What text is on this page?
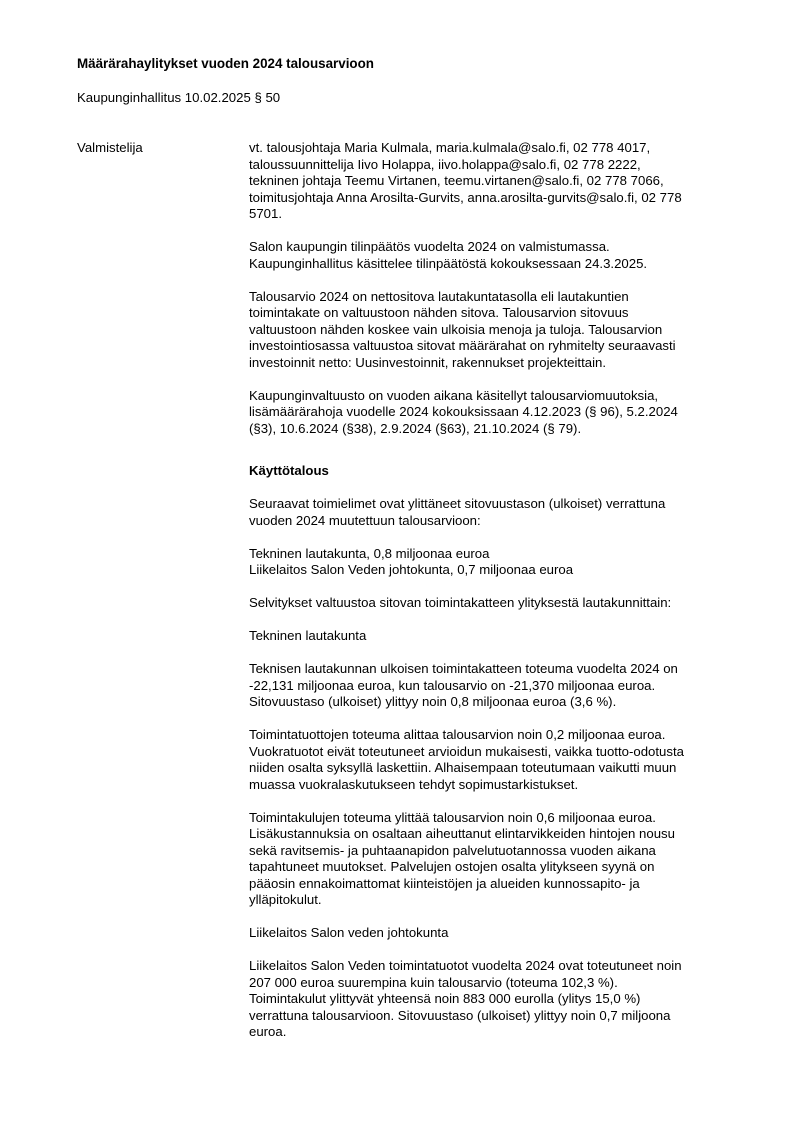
Määrärahaylitykset vuoden 2024 talousarvioon
Kaupunginhallitus 10.02.2025 § 50
Valmistelija	vt. talousjohtaja Maria Kulmala, maria.kulmala@salo.fi, 02 778 4017,
taloussuunnittelija Iivo Holappa, iivo.holappa@salo.fi, 02 778 2222,
tekninen johtaja Teemu Virtanen, teemu.virtanen@salo.fi, 02 778 7066,
toimitusjohtaja Anna Arosilta-Gurvits, anna.arosilta-gurvits@salo.fi, 02 778
5701.

Salon kaupungin tilinpäätös vuodelta 2024 on valmistumassa.
Kaupunginhallitus käsittelee tilinpäätöstä kokouksessaan 24.3.2025.

Talousarvio 2024 on nettositova lautakuntatasolla eli lautakuntien
toimintakate on valtuustoon nähden sitova. Talousarvion sitovuus
valtuustoon nähden koskee vain ulkoisia menoja ja tuloja. Talousarvion
investointiosassa valtuustoa sitovat määrärahat on ryhmitelty seuraavasti
investoinnit netto: Uusinvestoinnit, rakennukset projekteittain.

Kaupunginvaltuusto on vuoden aikana käsitellyt talousarviomuutoksia,
lisämäärärahoja vuodelle 2024 kokouksissaan 4.12.2023 (§ 96), 5.2.2024
(§3), 10.6.2024 (§38), 2.9.2024 (§63), 21.10.2024 (§ 79).

Käyttötalous

Seuraavat toimielimet ovat ylittäneet sitovuustason (ulkoiset) verrattuna
vuoden 2024 muutettuun talousarvioon:

Tekninen lautakunta, 0,8 miljoonaa euroa
Liikelaitos Salon Veden johtokunta, 0,7 miljoonaa euroa

Selvitykset valtuustoa sitovan toimintakatteen ylityksestä lautakunnittain:

Tekninen lautakunta

Teknisen lautakunnan ulkoisen toimintakatteen toteuma vuodelta 2024 on
-22,131 miljoonaa euroa, kun talousarvio on -21,370 miljoonaa euroa.
Sitovuustaso (ulkoiset) ylittyy noin 0,8 miljoonaa euroa (3,6 %).

Toimintatuottojen toteuma alittaa talousarvion noin 0,2 miljoonaa euroa.
Vuokratuotot eivät toteutuneet arvioidun mukaisesti, vaikka tuotto-odotusta
niiden osalta syksyllä laskettiin. Alhaisempaan toteutumaan vaikutti muun
muassa vuokralaskutukseen tehdyt sopimustarkistukset.

Toimintakulujen toteuma ylittää talousarvion noin 0,6 miljoonaa euroa.
Lisäkustannuksia on osaltaan aiheuttanut elintarvikkeiden hintojen nousu
sekä ravitsemis- ja puhtaanapidon palvelutuotannossa vuoden aikana
tapahtuneet muutokset. Palvelujen ostojen osalta ylitykseen syynä on
pääosin ennakoimattomat kiinteistöjen ja alueiden kunnossapito- ja
ylläpitokulut.

Liikelaitos Salon veden johtokunta

Liikelaitos Salon Veden toimintatuotot vuodelta 2024 ovat toteutuneet noin
207 000 euroa suurempina kuin talousarvio (toteuma 102,3 %).
Toimintakulut ylittyvät yhteensä noin 883 000 eurolla (ylitys 15,0 %)
verrattuna talousarvioon. Sitovuustaso (ulkoiset) ylittyy noin 0,7 miljoona
euroa.
